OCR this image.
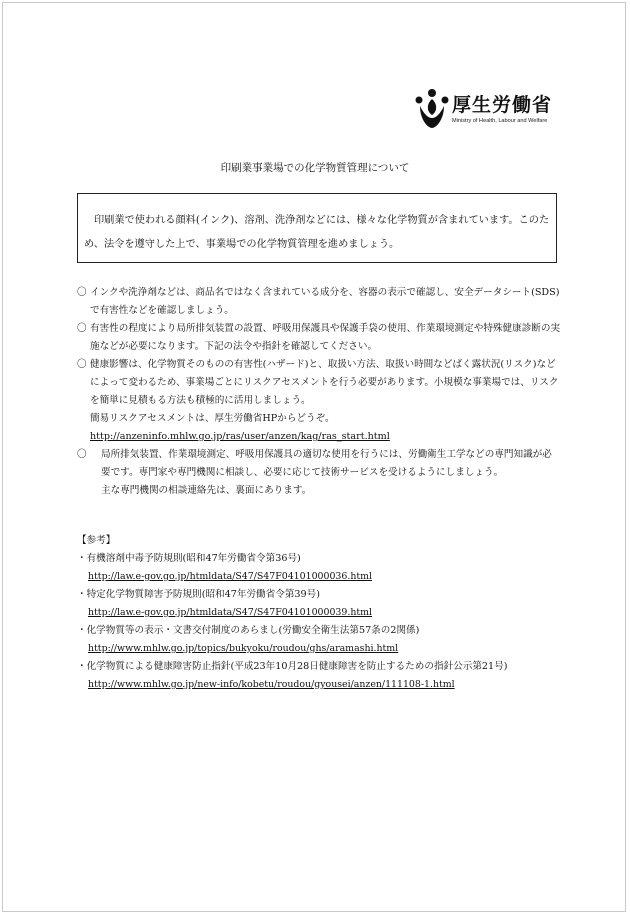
厚生労働省
Ministry of Health, Labour and Welfare
印刷業事業場での化学物質管理について
印刷業で使われる顔料(インク)、溶剤、洗浄剤などには、様々な化学物質が含まれています。このため、法令を遵守した上で、事業場での化学物質管理を進めましょう。
〇 インクや洗浄剤などは、商品名ではなく含まれている成分を、容器の表示で確認し、安全データシート(SDS)で有害性などを確認しましょう。
〇 有害性の程度により局所排気装置の設置、呼吸用保護具や保護手袋の使用、作業環境測定や特殊健康診断の実施などが必要になります。下記の法令や指針を確認してください。
〇 健康影響は、化学物質そのものの有害性(ハザード)と、取扱い方法、取扱い時間などばく露状況(リスク)などによって変わるため、事業場ごとにリスクアセスメントを行う必要があります。小規模な事業場では、リスクを簡単に見積もる方法も積極的に活用しましょう。
簡易リスクアセスメントは、厚生労働省HPからどうぞ。
http://anzeninfo.mhlw.go.jp/ras/user/anzen/kag/ras_start.html
〇 局所排気装置、作業環境測定、呼吸用保護具の適切な使用を行うには、労働衛生工学などの専門知識が必要です。専門家や専門機関に相談し、必要に応じて技術サービスを受けるようにしましょう。
主な専門機関の相談連絡先は、裏面にあります。
【参考】
・有機溶剤中毒予防規則(昭和47年労働省令第36号)
http://law.e-gov.go.jp/htmldata/S47/S47F04101000036.html
・特定化学物質障害予防規則(昭和47年労働省令第39号)
http://law.e-gov.go.jp/htmldata/S47/S47F04101000039.html
・化学物質等の表示・文書交付制度のあらまし(労働安全衛生法第57条の2関係)
http://www.mhlw.go.jp/topics/bukyoku/roudou/ghs/aramashi.html
・化学物質による健康障害防止指針(平成23年10月28日健康障害を防止するための指針公示第21号)
http://www.mhlw.go.jp/new-info/kobetu/roudou/gyousei/anzen/111108-1.html
